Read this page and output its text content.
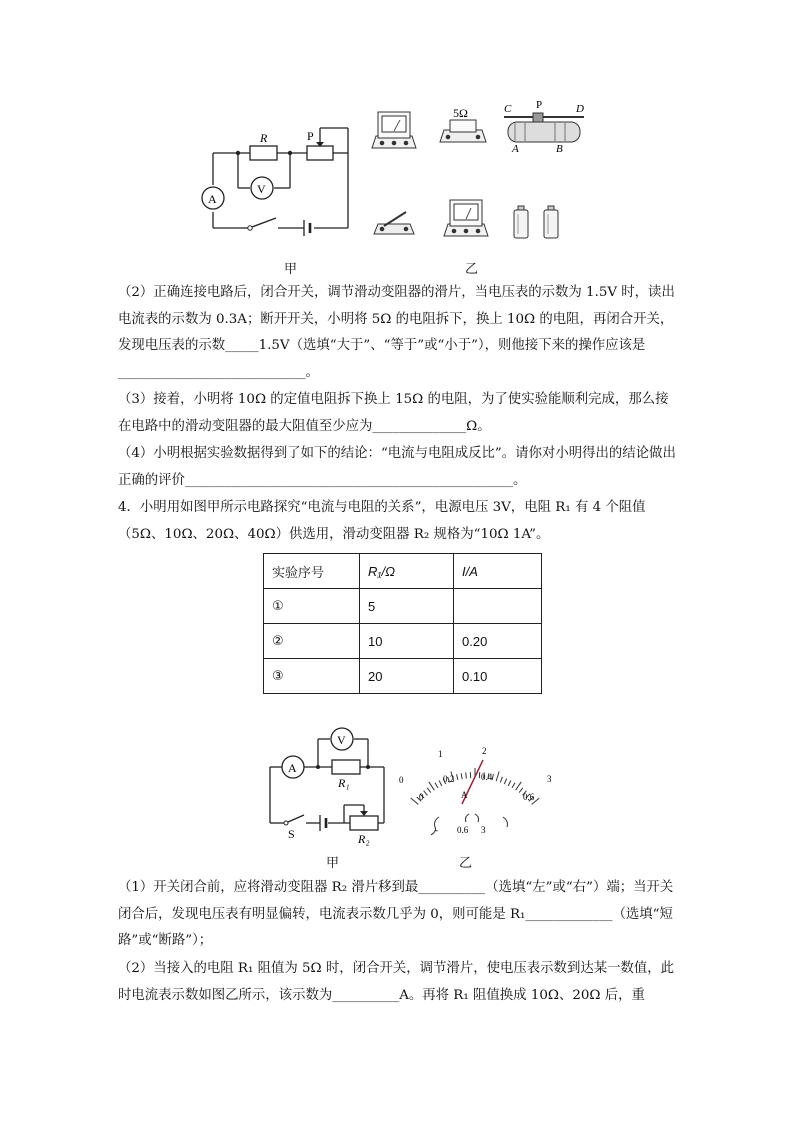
R	P
A
V
5Ω	C P	D
A	B
甲	乙
（2）正确连接电路后，闭合开关，调节滑动变阻器的滑片，当电压表的示数为 1.5V 时，读出电流表的示数为 0.3A；断开开关，小明将 5Ω 的电阻拆下，换上 10Ω 的电阻，再闭合开关，发现电压表的示数_____1.5V（选填“大于”、“等于”或“小于”），则他接下来的操作应该是____________________________。
（3）接着，小明将 10Ω 的定值电阻拆下换上 15Ω 的电阻，为了使实验能顺利完成，那么接在电路中的滑动变阻器的最大阻值至少应为______________Ω。
（4）小明根据实验数据得到了如下的结论：“电流与电阻成反比”。请你对小明得出的结论做出正确的评价_________________________________________________。
4．小明用如图甲所示电路探究“电流与电阻的关系”，电源电压 3V，电阻 R₁ 有 4 个阻值（5Ω、10Ω、20Ω、40Ω）供选用，滑动变阻器 R₂ 规格为“10Ω 1A”。
实验序号	R₁/Ω	I/A
①	5	
②	10	0.20
③	20	0.10
A
V
R₁
R₂
S
0
1	2
3
0
0.2	0.4
0.6
A
- 0.6 3
甲	乙
（1）开关闭合前，应将滑动变阻器 R₂ 滑片移到最__________（选填“左”或“右”）端；当开关闭合后，发现电压表有明显偏转，电流表示数几乎为 0，则可能是 R₁_____________（选填“短路”或“断路”）；
（2）当接入的电阻 R₁ 阻值为 5Ω 时，闭合开关，调节滑片，使电压表示数到达某一数值，此时电流表示数如图乙所示，该示数为__________A。再将 R₁ 阻值换成 10Ω、20Ω 后，重
